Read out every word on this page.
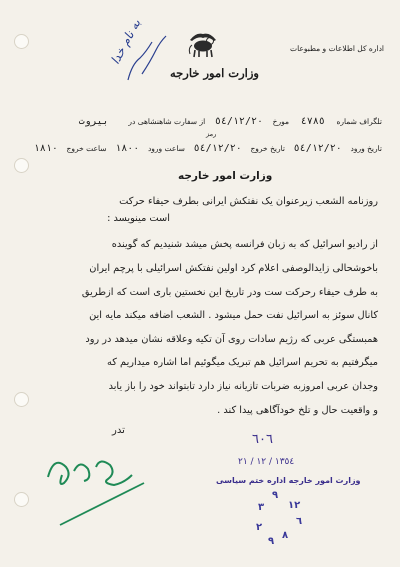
اداره کل اطلاعات و مطبوعات
وزارت امور خارجه
به نام خدا
تلگراف شماره ٤٧٨٥ مورخ ٥٤/١٢/٢٠ از سفارت شاهنشاهی در بیروت
رمز
تاریخ ورود ٥٤/١٢/٢٠ تاریخ خروج ٥٤/١٢/٢٠ ساعت ورود ١٨٠٠ ساعت خروج ١٨١٠
وزارت امور خارجه
روزنامه الشعب زیرعنوان یک نفتکش ایرانی بطرف حیفاء حرکت
است مینویسد :
از رادیو اسرائیل که به زبان فرانسه پخش میشد شنیدیم که گوینده
باخوشحالی زایدالوصفی اعلام کرد اولین نفتکش اسرائیلی با پرچم ایران
به طرف حیفاء رحرکت ست ودر تاریخ این نخستین باری است که ازطریق
کانال سوئز به اسرائیل نفت حمل میشود . الشعب اضافه میکند مایه این
همبستگی عربی که رژیم سادات روی آن تکیه وعلاقه نشان میدهد در رود
میگرفتیم به تحریم اسرائیل هم تبریک میگوئیم اما اشاره میداریم که
وجدان عربی امروزبه ضربات تازیانه نیاز دارد تابتواند خود را باز یابد
و واقعیت حال و تلخ خودآگاهی پیدا کند .
تدر
٦٠٦
١٣٥٤ / ١٢ / ٢١
وزارت امور خارجه اداره ختم سیاسی
٩
١٢
٣
٦
٢
٨
٩
